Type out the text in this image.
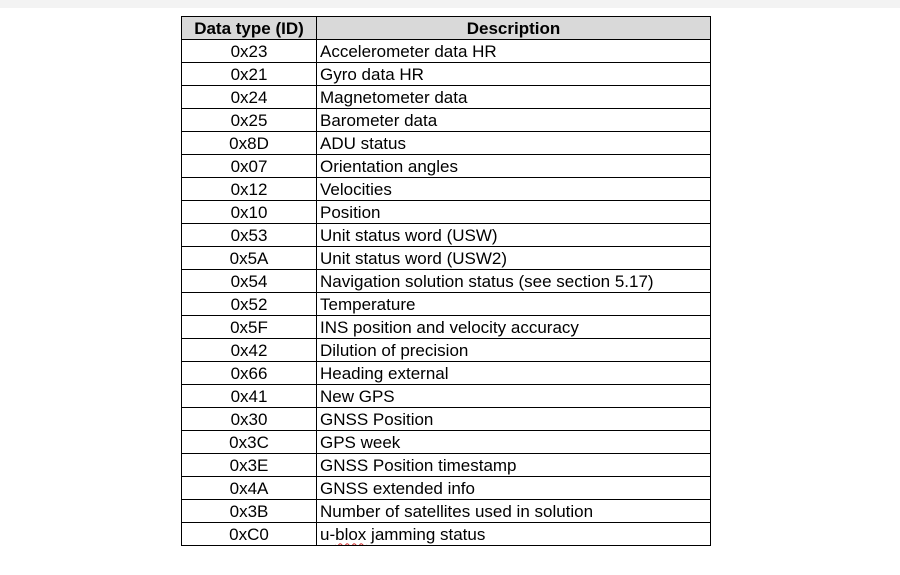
Data type (ID)	Description
0x23	Accelerometer data HR
0x21	Gyro data HR
0x24	Magnetometer data
0x25	Barometer data
0x8D	ADU status
0x07	Orientation angles
0x12	Velocities
0x10	Position
0x53	Unit status word (USW)
0x5A	Unit status word (USW2)
0x54	Navigation solution status (see section 5.17)
0x52	Temperature
0x5F	INS position and velocity accuracy
0x42	Dilution of precision
0x66	Heading external
0x41	New GPS
0x30	GNSS Position
0x3C	GPS week
0x3E	GNSS Position timestamp
0x4A	GNSS extended info
0x3B	Number of satellites used in solution
0xC0	u-blox jamming status
